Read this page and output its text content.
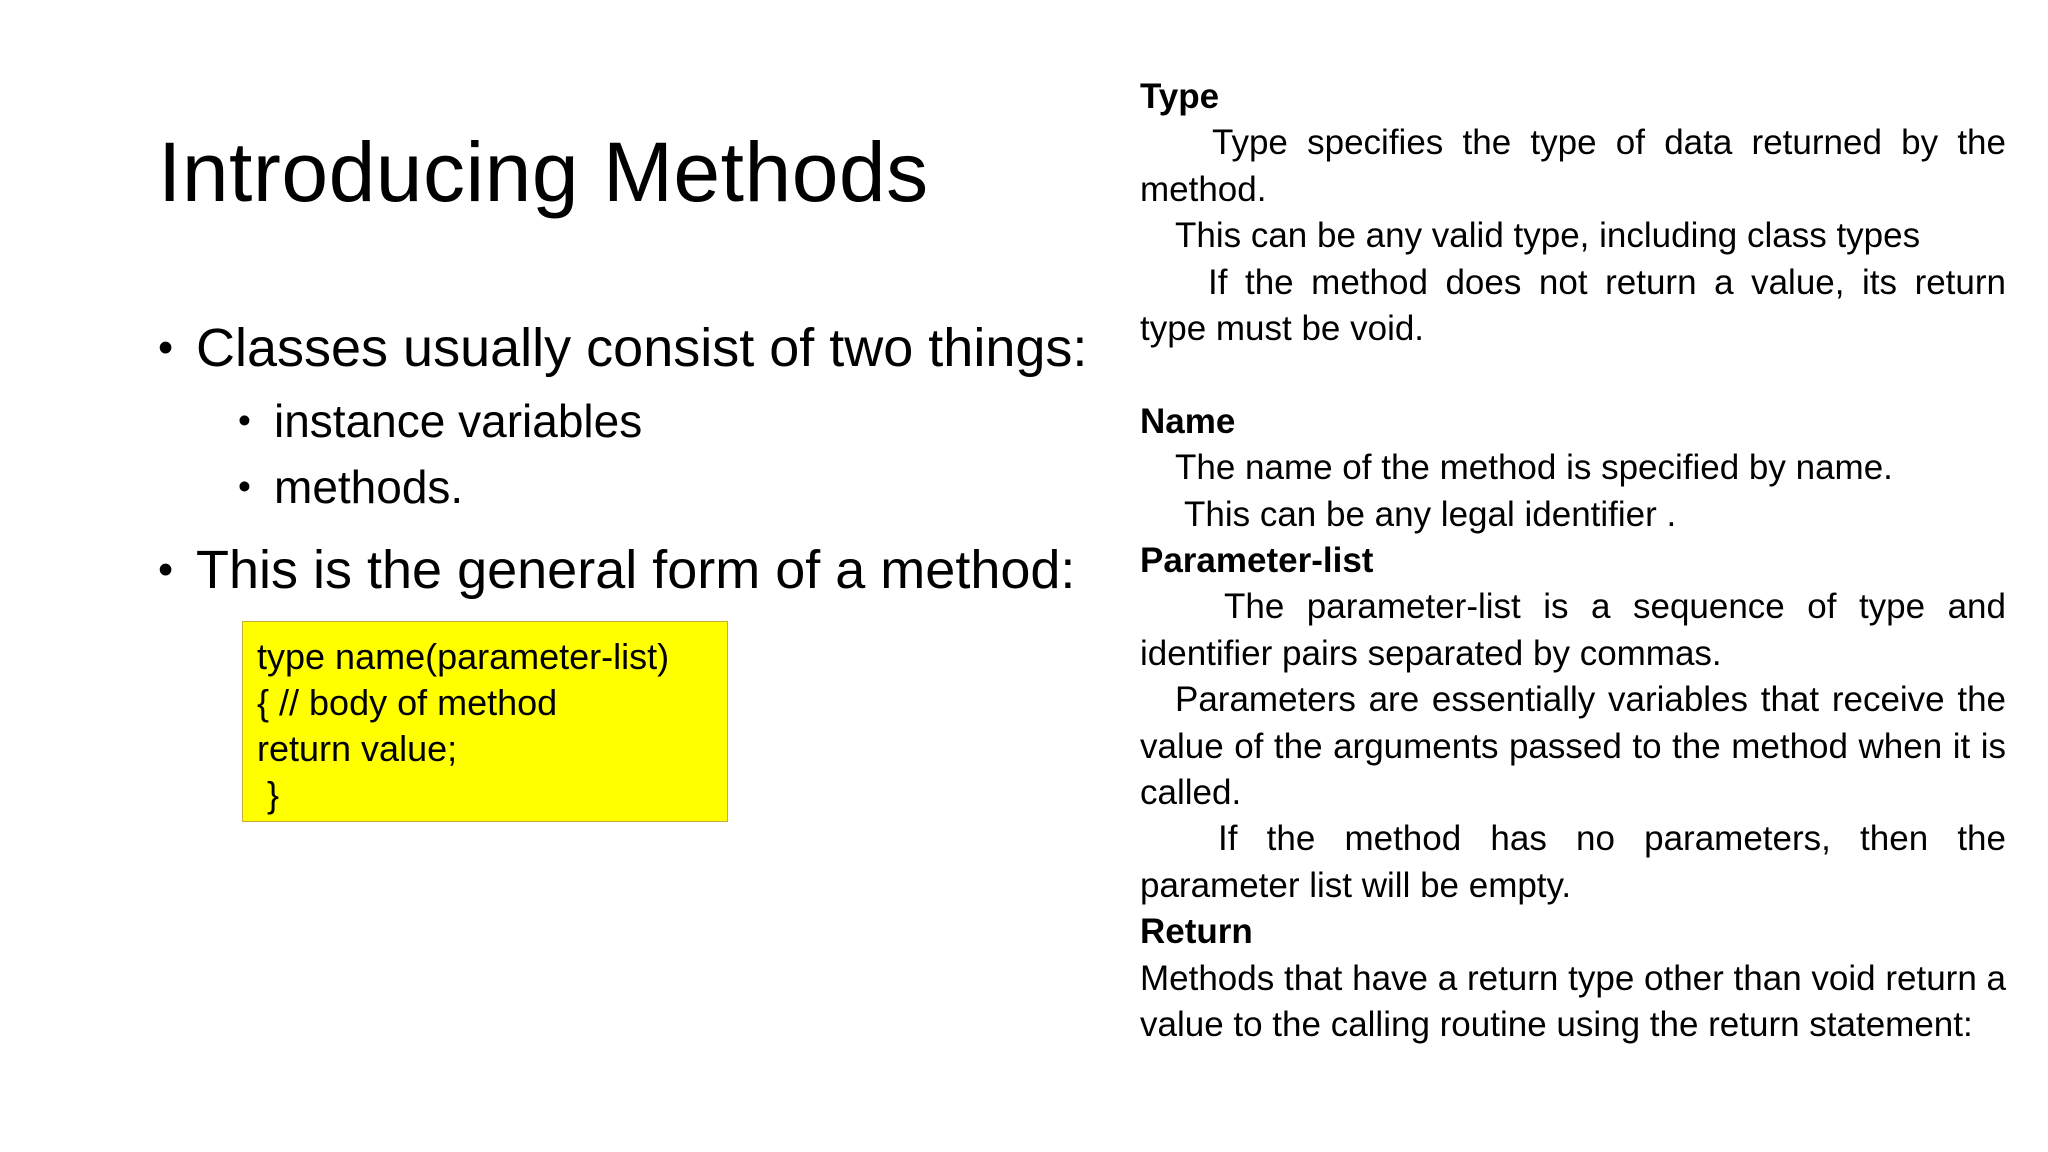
Introducing Methods
• Classes usually consist of two things:
• instance variables
• methods.
• This is the general form of a method:
type name(parameter-list)
{ // body of method
return value;
}
Type
Type specifies the type of data returned by the method.
This can be any valid type, including class types
If the method does not return a value, its return type must be void.
Name
The name of the method is specified by name.
This can be any legal identifier .
Parameter-list
The parameter-list is a sequence of type and identifier pairs separated by commas.
Parameters are essentially variables that receive the value of the arguments passed to the method when it is called.
If the method has no parameters, then the parameter list will be empty.
Return
Methods that have a return type other than void return a value to the calling routine using the return statement:
